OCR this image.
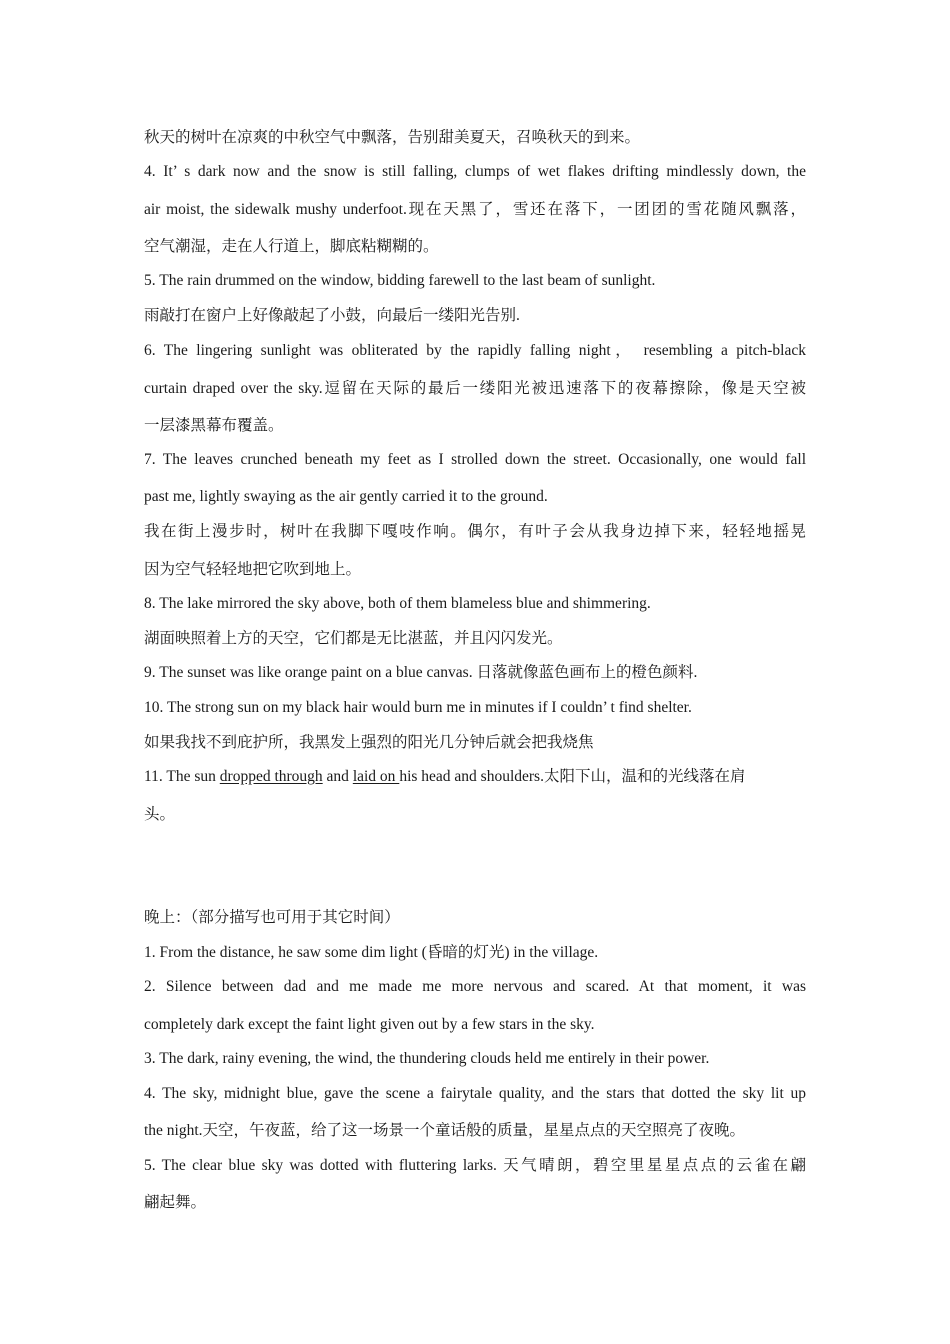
秋天的树叶在凉爽的中秋空气中飘落，告别甜美夏天，召唤秋天的到来。
4. It’ s dark now and the snow is still falling, clumps of wet flakes drifting mindlessly down, the
air moist, the sidewalk mushy underfoot.现在天黑了，雪还在落下，一团团的雪花随风飘落，
空气潮湿，走在人行道上，脚底粘糊糊的。
5. The rain drummed on the window, bidding farewell to the last beam of sunlight.
雨敲打在窗户上好像敲起了小鼓，向最后一缕阳光告别.
6. The lingering sunlight was obliterated by the rapidly falling night， resembling a pitch-black
curtain draped over the sky.逗留在天际的最后一缕阳光被迅速落下的夜幕擦除，像是天空被
一层漆黑幕布覆盖。
7. The leaves crunched beneath my feet as I strolled down the street. Occasionally, one would fall
past me, lightly swaying as the air gently carried it to the ground.
我在街上漫步时，树叶在我脚下嘎吱作响。偶尔，有叶子会从我身边掉下来，轻轻地摇晃
因为空气轻轻地把它吹到地上。
8. The lake mirrored the sky above, both of them blameless blue and shimmering.
湖面映照着上方的天空，它们都是无比湛蓝，并且闪闪发光。
9. The sunset was like orange paint on a blue canvas. 日落就像蓝色画布上的橙色颜料.
10. The strong sun on my black hair would burn me in minutes if I couldn’ t find shelter.
如果我找不到庇护所，我黑发上强烈的阳光几分钟后就会把我烧焦
11. The sun dropped through and laid on his head and shoulders.太阳下山，温和的光线落在肩
头。
晚上：（部分描写也可用于其它时间）
1. From the distance, he saw some dim light (昏暗的灯光) in the village.
2. Silence between dad and me made me more nervous and scared. At that moment, it was
completely dark except the faint light given out by a few stars in the sky.
3. The dark, rainy evening, the wind, the thundering clouds held me entirely in their power.
4. The sky, midnight blue, gave the scene a fairytale quality, and the stars that dotted the sky lit up
the night.天空，午夜蓝，给了这一场景一个童话般的质量，星星点点的天空照亮了夜晚。
5. The clear blue sky was dotted with fluttering larks. 天气晴朗，碧空里星星点点的云雀在翩
翩起舞。
